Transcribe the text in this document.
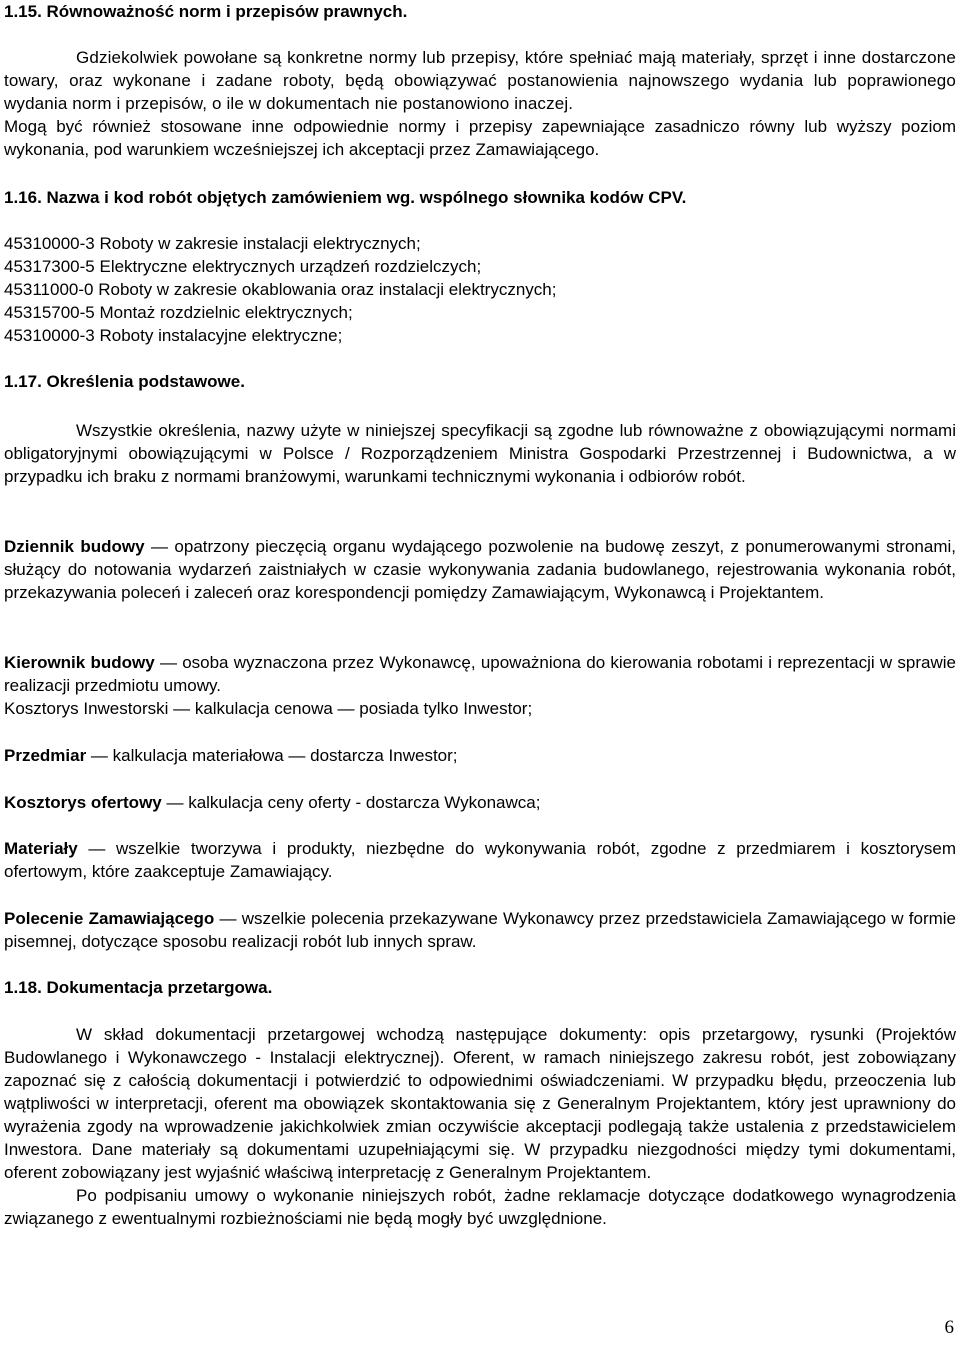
1.15. Równoważność norm i przepisów prawnych.

Gdziekolwiek powołane są konkretne normy lub przepisy, które spełniać mają materiały, sprzęt i inne dostarczone towary, oraz wykonane i zadane roboty, będą obowiązywać postanowienia najnowszego wydania lub poprawionego wydania norm i przepisów, o ile w dokumentach nie postanowiono inaczej.

Mogą być również stosowane inne odpowiednie normy i przepisy zapewniające zasadniczo równy lub wyższy poziom wykonania, pod warunkiem wcześniejszej ich akceptacji przez Zamawiającego.

1.16. Nazwa i kod robót objętych zamówieniem wg. wspólnego słownika kodów CPV.
45310000-3 Roboty w zakresie instalacji elektrycznych;
45317300-5 Elektryczne elektrycznych urządzeń rozdzielczych;
45311000-0 Roboty w zakresie okablowania oraz instalacji elektrycznych;
45315700-5 Montaż rozdzielnic elektrycznych;
45310000-3 Roboty instalacyjne elektryczne;
1.17. Określenia podstawowe.

Wszystkie określenia, nazwy użyte w niniejszej specyfikacji są zgodne lub równoważne z obowiązującymi normami obligatoryjnymi obowiązującymi w Polsce / Rozporządzeniem Ministra Gospodarki Przestrzennej i Budownictwa, a w przypadku ich braku z normami branżowymi, warunkami technicznymi wykonania i odbiorów robót.

Dziennik budowy — opatrzony pieczęcią organu wydającego pozwolenie na budowę zeszyt, z ponumerowanymi stronami, służący do notowania wydarzeń zaistniałych w czasie wykonywania zadania budowlanego, rejestrowania wykonania robót, przekazywania poleceń i zaleceń oraz korespondencji pomiędzy Zamawiającym, Wykonawcą i Projektantem.

Kierownik budowy — osoba wyznaczona przez Wykonawcę, upoważniona do kierowania robotami i reprezentacji w sprawie realizacji przedmiotu umowy.

Kosztorys Inwestorski — kalkulacja cenowa — posiada tylko Inwestor;

Przedmiar — kalkulacja materiałowa — dostarcza Inwestor;

Kosztorys ofertowy — kalkulacja ceny oferty - dostarcza Wykonawca;

Materiały — wszelkie tworzywa i produkty, niezbędne do wykonywania robót, zgodne z przedmiarem i kosztorysem ofertowym, które zaakceptuje Zamawiający.

Polecenie Zamawiającego — wszelkie polecenia przekazywane Wykonawcy przez przedstawiciela Zamawiającego w formie pisemnej, dotyczące sposobu realizacji robót lub innych spraw.

1.18. Dokumentacja przetargowa.

W skład dokumentacji przetargowej wchodzą następujące dokumenty: opis przetargowy, rysunki (Projektów Budowlanego i Wykonawczego - Instalacji elektrycznej). Oferent, w ramach niniejszego zakresu robót, jest zobowiązany zapoznać się z całością dokumentacji i potwierdzić to odpowiednimi oświadczeniami. W przypadku błędu, przeoczenia lub wątpliwości w interpretacji, oferent ma obowiązek skontaktowania się z Generalnym Projektantem, który jest uprawniony do wyrażenia zgody na wprowadzenie jakichkolwiek zmian oczywiście akceptacji podlegają także ustalenia z przedstawicielem Inwestora. Dane materiały są dokumentami uzupełniającymi się. W przypadku niezgodności między tymi dokumentami, oferent zobowiązany jest wyjaśnić właściwą interpretację z Generalnym Projektantem.

Po podpisaniu umowy o wykonanie niniejszych robót, żadne reklamacje dotyczące dodatkowego wynagrodzenia związanego z ewentualnymi rozbieżnościami nie będą mogły być uwzględnione.

6
